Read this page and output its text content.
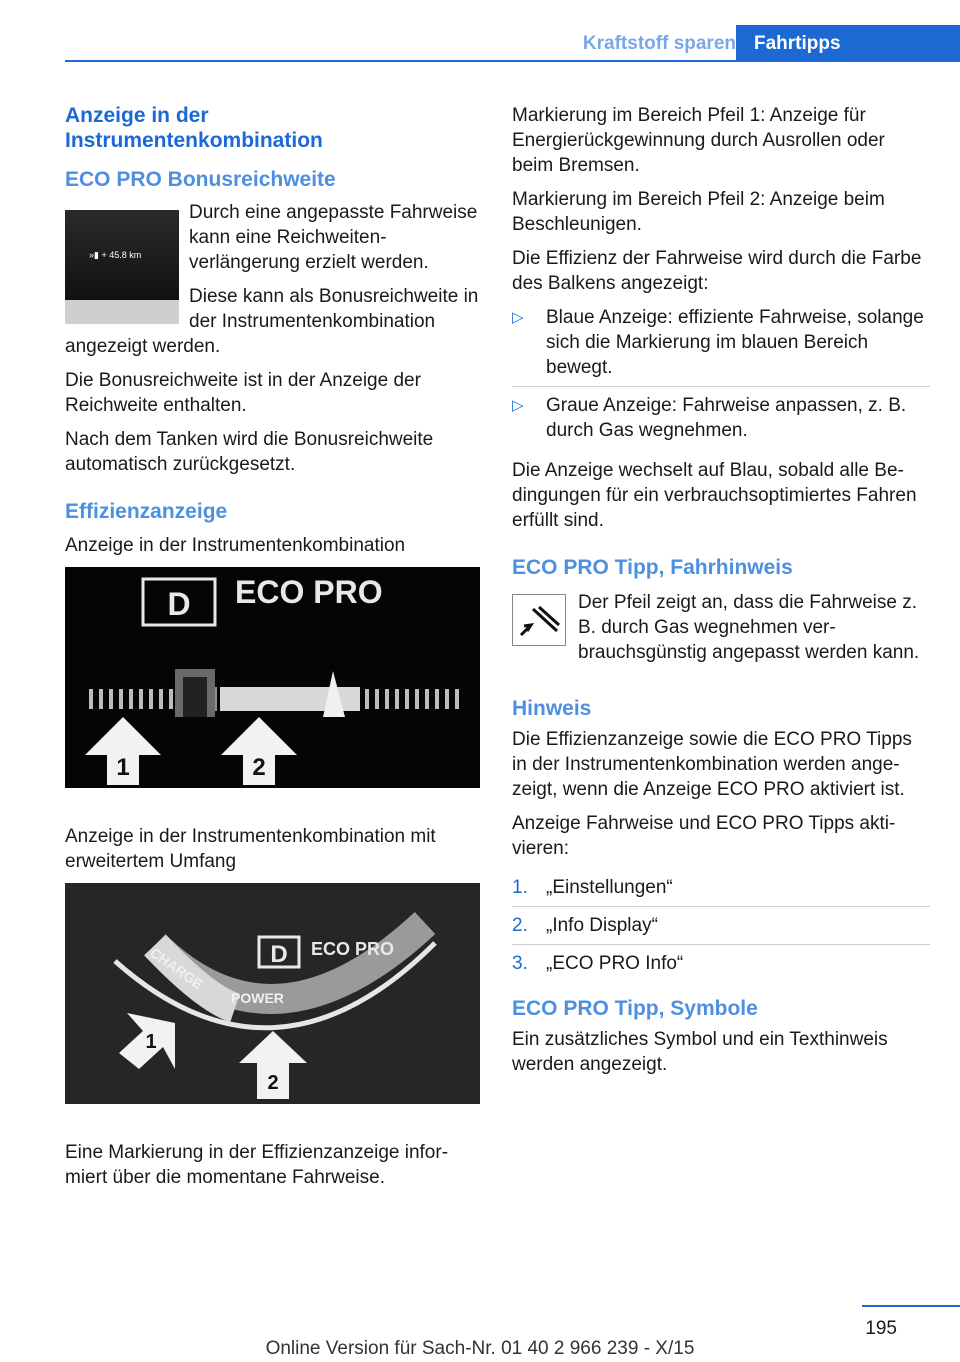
Kraftstoff sparen Fahrtipps
Anzeige in der Instrumentenkombination
ECO PRO Bonusreichweite
»▮ + 45.8 km

Durch eine angepasste Fahrweise kann eine Reichweitenverlängerung erzielt werden.

Diese kann als Bonusreichweite in der Instrumentenkombination angezeigt werden.

Die Bonusreichweite ist in der Anzeige der Reichweite enthalten.

Nach dem Tanken wird die Bonusreichweite automatisch zurückgesetzt.

Effizienzanzeige

Anzeige in der Instrumentenkombination

D ECO PRO
1	2

Anzeige in der Instrumentenkombination mit erweitertem Umfang

D ECO PRO
CHARGE
POWER
1
2

Eine Markierung in der Effizienzanzeige informiert über die momentane Fahrweise.

Markierung im Bereich Pfeil 1: Anzeige für Energierückgewinnung durch Ausrollen oder beim Bremsen.

Markierung im Bereich Pfeil 2: Anzeige beim Beschleunigen.

Die Effizienz der Fahrweise wird durch die Farbe des Balkens angezeigt:

▷ Blaue Anzeige: effiziente Fahrweise, solange sich die Markierung im blauen Bereich bewegt.
▷ Graue Anzeige: Fahrweise anpassen, z. B. durch Gas wegnehmen.

Die Anzeige wechselt auf Blau, sobald alle Bedingungen für ein verbrauchsoptimiertes Fahren erfüllt sind.

ECO PRO Tipp, Fahrhinweis

Der Pfeil zeigt an, dass die Fahrweise z. B. durch Gas wegnehmen verbrauchsgünstig angepasst werden kann.

Hinweis

Die Effizienzanzeige sowie die ECO PRO Tipps in der Instrumentenkombination werden angezeigt, wenn die Anzeige ECO PRO aktiviert ist.

Anzeige Fahrweise und ECO PRO Tipps aktivieren:

1. „Einstellungen“
2. „Info Display“
3. „ECO PRO Info“
ECO PRO Tipp, Symbole

Ein zusätzliches Symbol und ein Texthinweis werden angezeigt.

195
Online Version für Sach-Nr. 01 40 2 966 239 - X/15
